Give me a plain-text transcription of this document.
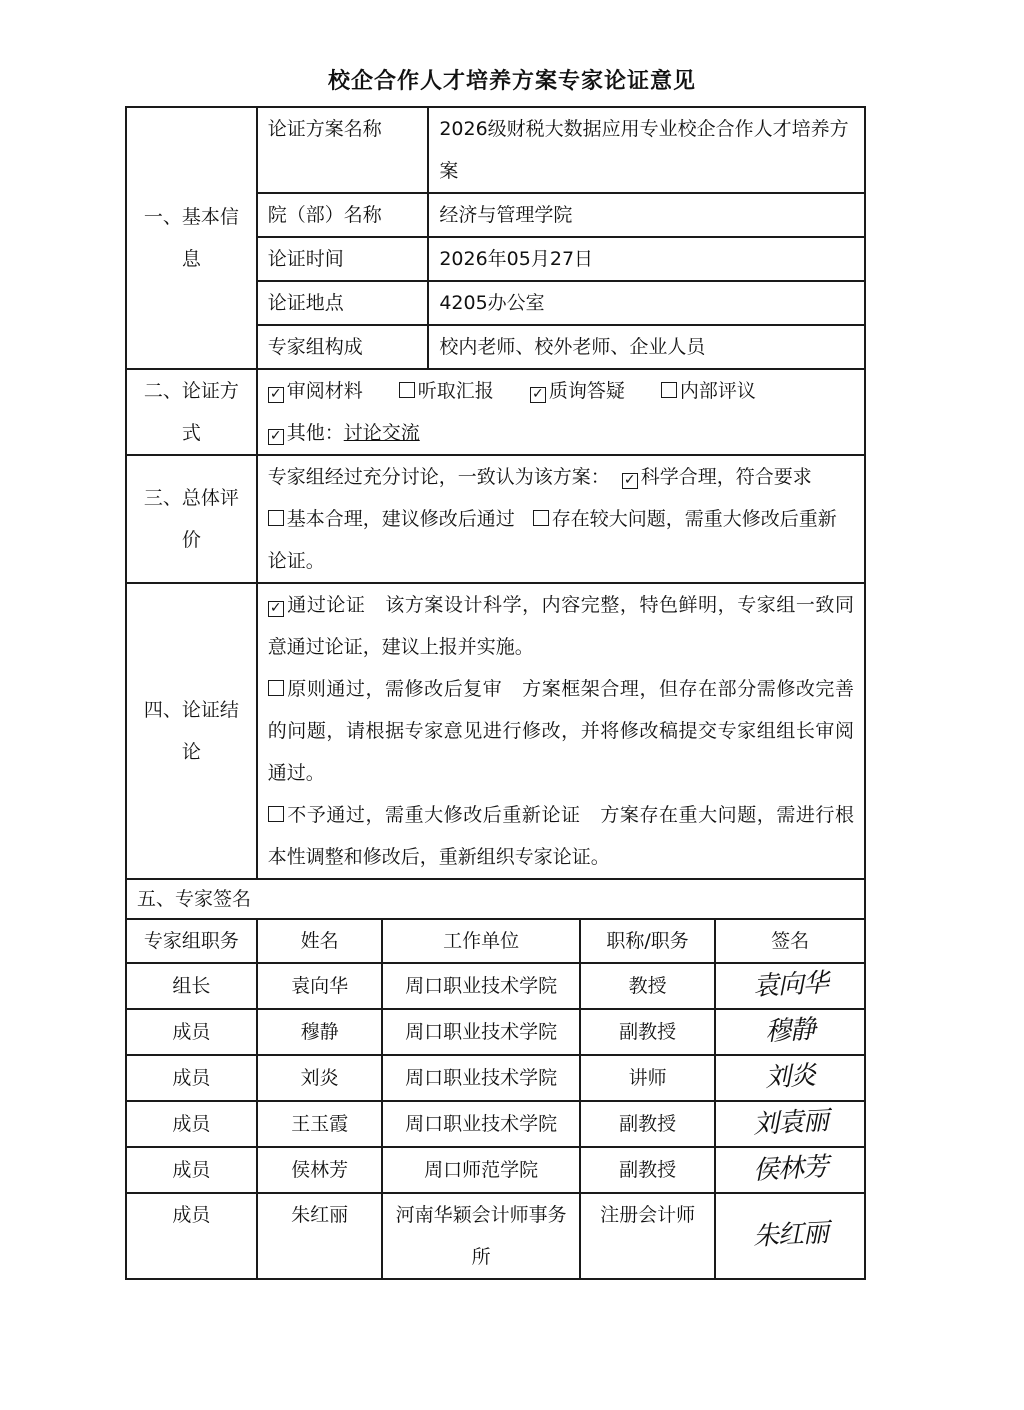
校企合作人才培养方案专家论证意见
一、基本信息	论证方案名称		2026级财税大数据应用专业校企合作人才培养方案		
	院（部）名称		经济与管理学院		
	论证时间		2026年05月27日		
	论证地点		4205办公室		
	专家组构成		校内老师、校外老师、企业人员		
二、论证方式	✓ 审阅材料 听取汇报 ✓ 质询答疑 内部评议
✓ 其他：讨论交流				
三、总体评价	专家组经过充分讨论，一致认为该方案： ✓ 科学合理，符合要求
基本合理，建议修改后通过 存在较大问题，需重大修改后重新论证。				
四、论证结论	✓ 通过论证 该方案设计科学，内容完整，特色鲜明，专家组一致同意通过论证，建议上报并实施。
原则通过，需修改后复审 方案框架合理，但存在部分需修改完善的问题，请根据专家意见进行修改，并将修改稿提交专家组组长审阅通过。
不予通过，需重大修改后重新论证 方案存在重大问题，需进行根本性调整和修改后，重新组织专家论证。				

五、专家签名					
专家组职务	姓名	工作单位		职称/职务	签名
组长	袁向华	周口职业技术学院		教授	袁向华
成员	穆静	周口职业技术学院		副教授	穆静
成员	刘炎	周口职业技术学院		讲师	刘炎
成员	王玉霞	周口职业技术学院		副教授	刘袁丽
成员	侯林芳	周口师范学院		副教授	侯林芳
成员	朱红丽	河南华颖会计师事务所		注册会计师	朱红丽
